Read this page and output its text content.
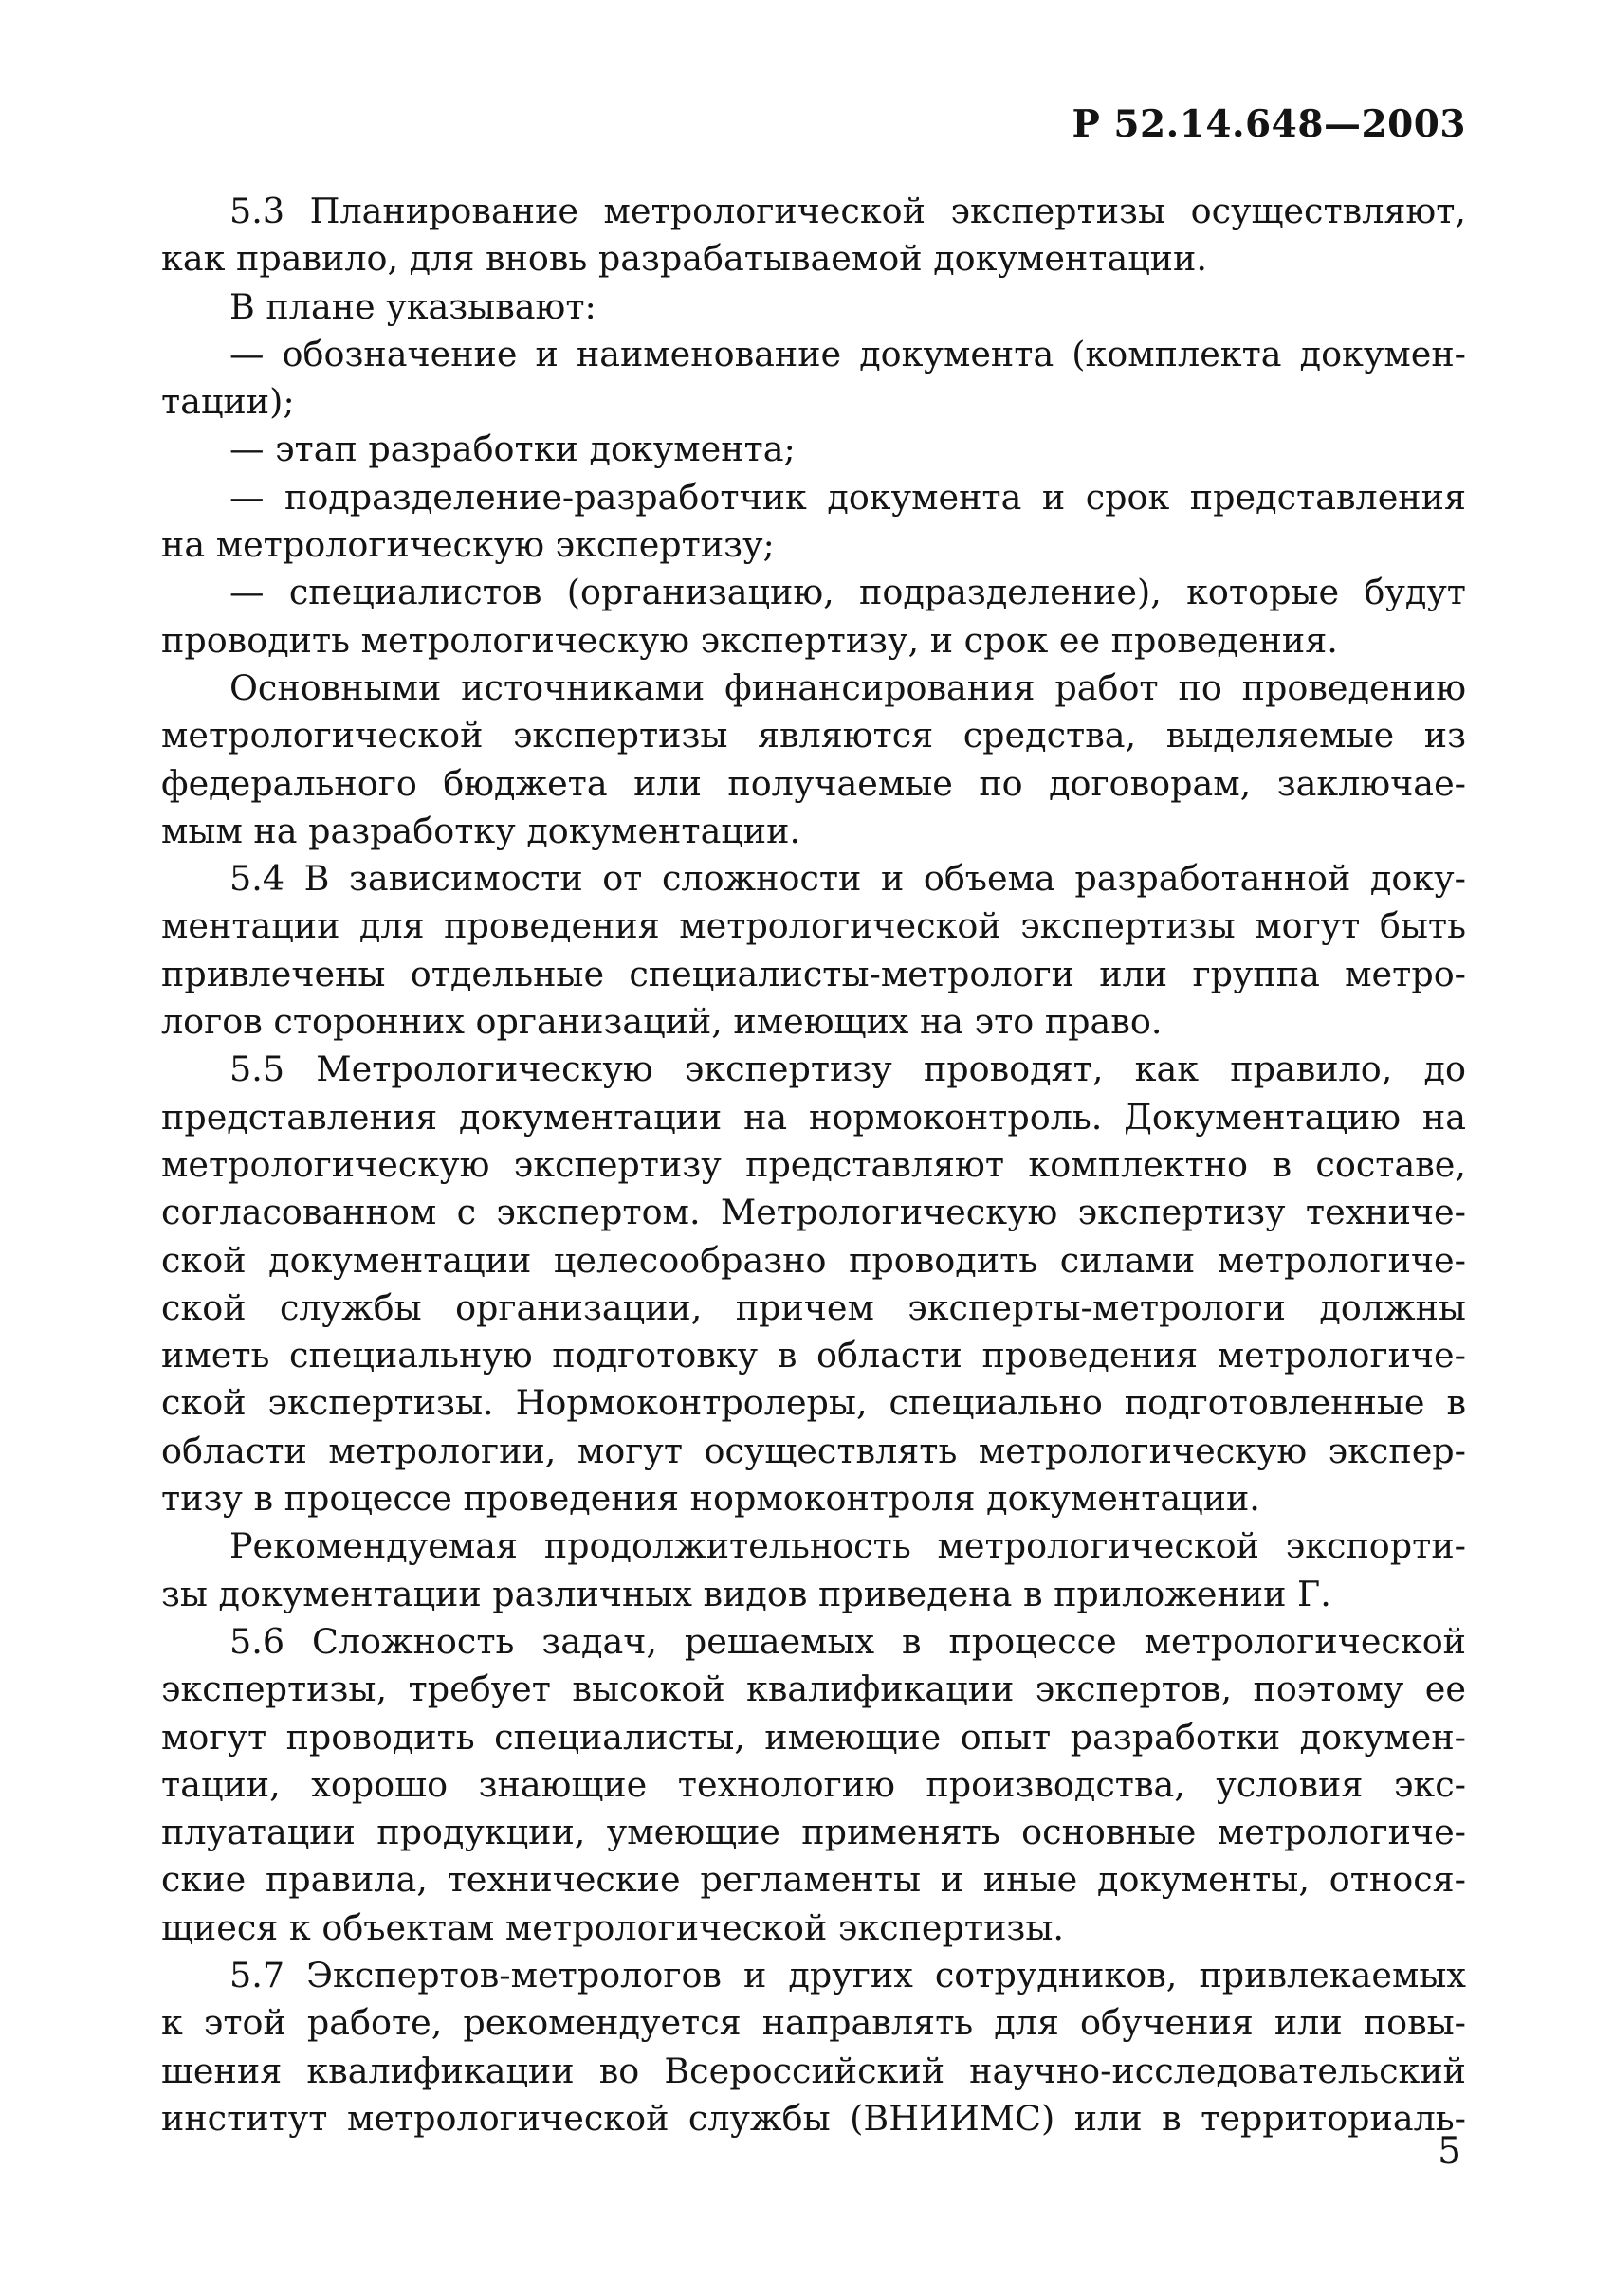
Р 52.14.648—2003
5.3 Планирование метрологической экспертизы осуществляют,
как правило, для вновь разрабатываемой документации.
В плане указывают:
— обозначение и наименование документа (комплекта докумен-
тации);
— этап разработки документа;
— подразделение-разработчик документа и срок представления
на метрологическую экспертизу;
— специалистов (организацию, подразделение), которые будут
проводить метрологическую экспертизу, и срок ее проведения.
Основными источниками финансирования работ по проведению
метрологической экспертизы являются средства, выделяемые из
федерального бюджета или получаемые по договорам, заключае-
мым на разработку документации.
5.4 В зависимости от сложности и объема разработанной доку-
ментации для проведения метрологической экспертизы могут быть
привлечены отдельные специалисты-метрологи или группа метро-
логов сторонних организаций, имеющих на это право.
5.5 Метрологическую экспертизу проводят, как правило, до
представления документации на нормоконтроль. Документацию на
метрологическую экспертизу представляют комплектно в составе,
согласованном с экспертом. Метрологическую экспертизу техниче-
ской документации целесообразно проводить силами метрологиче-
ской службы организации, причем эксперты-метрологи должны
иметь специальную подготовку в области проведения метрологиче-
ской экспертизы. Нормоконтролеры, специально подготовленные в
области метрологии, могут осуществлять метрологическую экспер-
тизу в процессе проведения нормоконтроля документации.
Рекомендуемая продолжительность метрологической экспорти-
зы документации различных видов приведена в приложении Г.
5.6 Сложность задач, решаемых в процессе метрологической
экспертизы, требует высокой квалификации экспертов, поэтому ее
могут проводить специалисты, имеющие опыт разработки докумен-
тации, хорошо знающие технологию производства, условия экс-
плуатации продукции, умеющие применять основные метрологиче-
ские правила, технические регламенты и иные документы, относя-
щиеся к объектам метрологической экспертизы.
5.7 Экспертов-метрологов и других сотрудников, привлекаемых
к этой работе, рекомендуется направлять для обучения или повы-
шения квалификации во Всероссийский научно-исследовательский
институт метрологической службы (ВНИИМС) или в территориаль-
5
